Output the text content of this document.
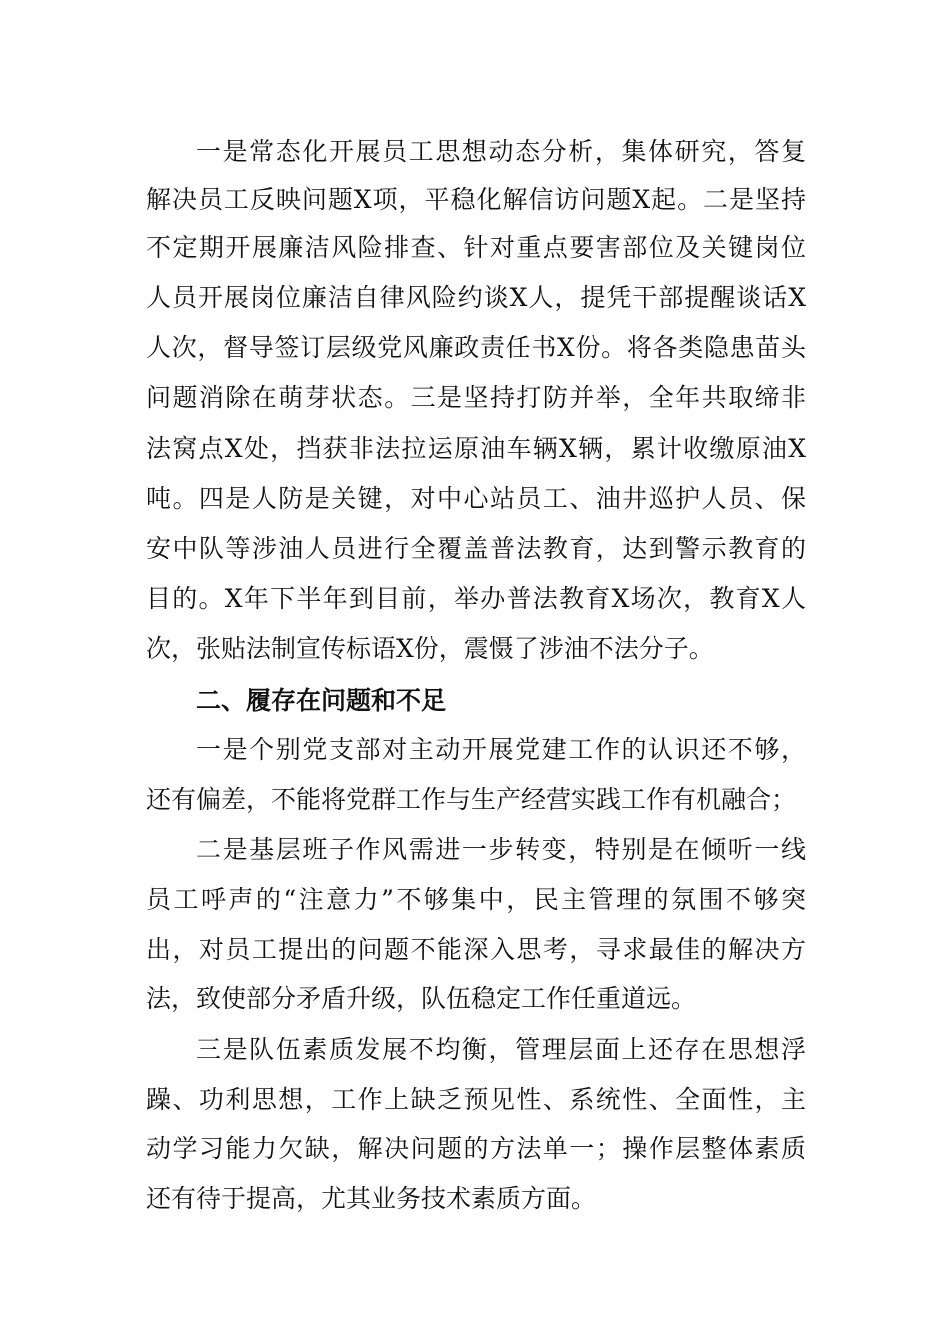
一是常态化开展员工思想动态分析，集体研究，答复
解决员工反映问题X项，平稳化解信访问题X起。二是坚持
不定期开展廉洁风险排查、针对重点要害部位及关键岗位
人员开展岗位廉洁自律风险约谈X人，提凭干部提醒谈话X
人次，督导签订层级党风廉政责任书X份。将各类隐患苗头
问题消除在萌芽状态。三是坚持打防并举，全年共取缔非
法窝点X处，挡获非法拉运原油车辆X辆，累计收缴原油X
吨。四是人防是关键，对中心站员工、油井巡护人员、保
安中队等涉油人员进行全覆盖普法教育，达到警示教育的
目的。X年下半年到目前，举办普法教育X场次，教育X人
次，张贴法制宣传标语X份，震慑了涉油不法分子。
二、履存在问题和不足
一是个别党支部对主动开展党建工作的认识还不够，
还有偏差，不能将党群工作与生产经营实践工作有机融合；
二是基层班子作风需进一步转变，特别是在倾听一线
员工呼声的“注意力”不够集中，民主管理的氛围不够突
出，对员工提出的问题不能深入思考，寻求最佳的解决方
法，致使部分矛盾升级，队伍稳定工作任重道远。
三是队伍素质发展不均衡，管理层面上还存在思想浮
躁、功利思想，工作上缺乏预见性、系统性、全面性，主
动学习能力欠缺，解决问题的方法单一；操作层整体素质
还有待于提高，尤其业务技术素质方面。
